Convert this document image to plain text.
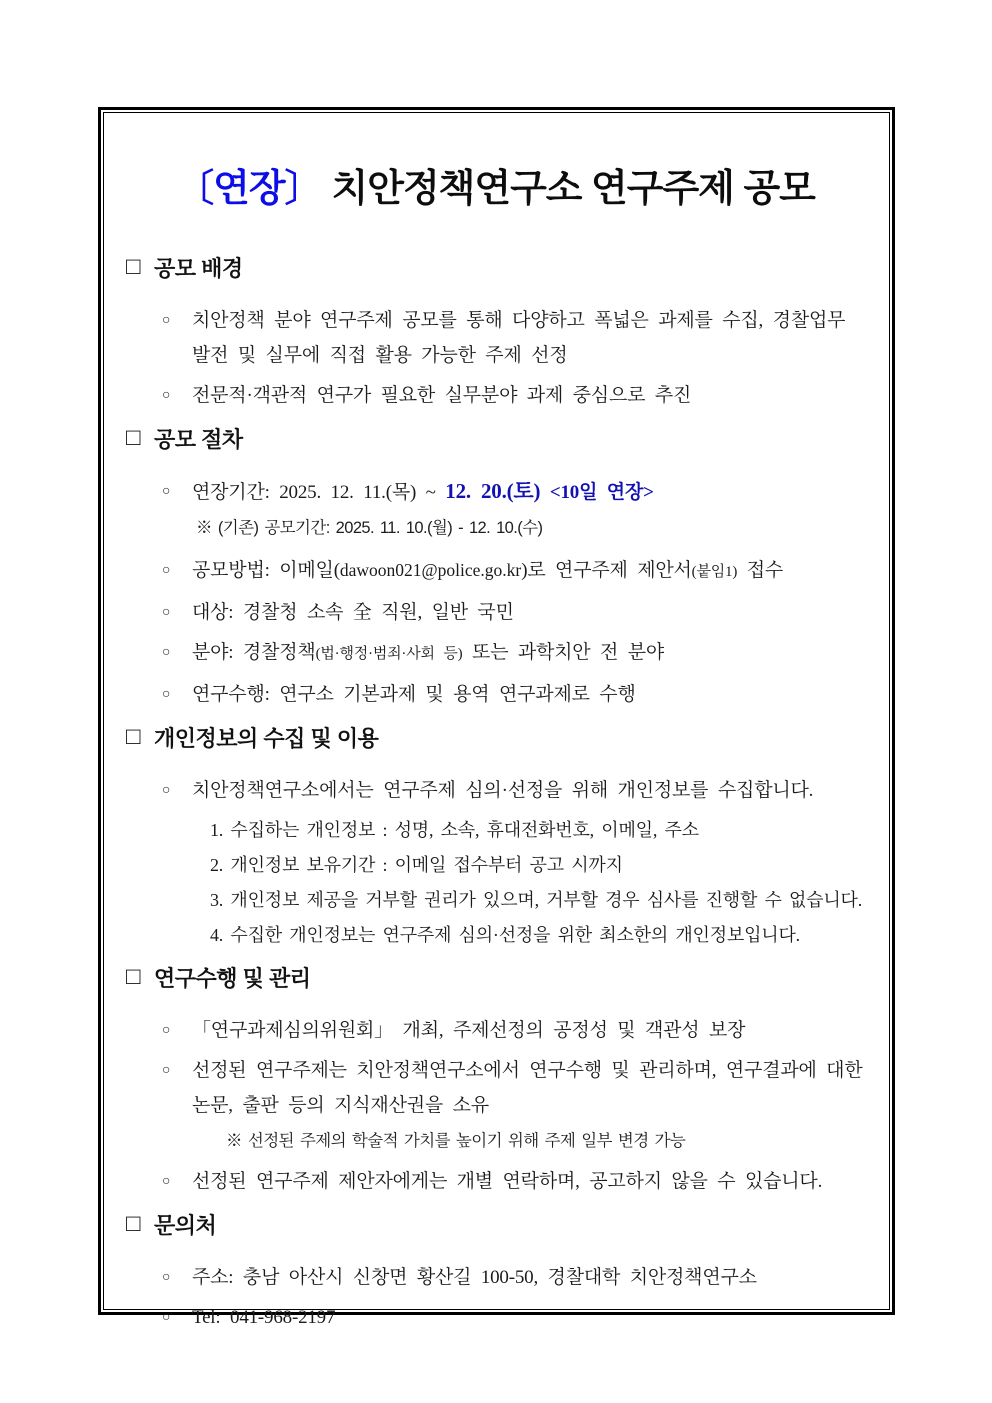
〔연장〕 치안정책연구소 연구주제 공모
□ 공모 배경
○ 치안정책 분야 연구주제 공모를 통해 다양하고 폭넓은 과제를 수집, 경찰업무 발전 및 실무에 직접 활용 가능한 주제 선정
○ 전문적·객관적 연구가 필요한 실무분야 과제 중심으로 추진
□ 공모 절차
○ 연장기간: 2025. 12. 11.(목) ~ 12. 20.(토) <10일 연장>
※ (기존) 공모기간: 2025. 11. 10.(월) - 12. 10.(수)
○ 공모방법: 이메일(dawoon021@police.go.kr)로 연구주제 제안서(붙임1) 접수
○ 대상: 경찰청 소속 全 직원, 일반 국민
○ 분야: 경찰정책(법·행정·범죄·사회 등) 또는 과학치안 전 분야
○ 연구수행: 연구소 기본과제 및 용역 연구과제로 수행
□ 개인정보의 수집 및 이용
○ 치안정책연구소에서는 연구주제 심의·선정을 위해 개인정보를 수집합니다.
1. 수집하는 개인정보 : 성명, 소속, 휴대전화번호, 이메일, 주소
2. 개인정보 보유기간 : 이메일 접수부터 공고 시까지
3. 개인정보 제공을 거부할 권리가 있으며, 거부할 경우 심사를 진행할 수 없습니다.
4. 수집한 개인정보는 연구주제 심의·선정을 위한 최소한의 개인정보입니다.
□ 연구수행 및 관리
○ 「연구과제심의위원회」 개최, 주제선정의 공정성 및 객관성 보장
○ 선정된 연구주제는 치안정책연구소에서 연구수행 및 관리하며, 연구결과에 대한 논문, 출판 등의 지식재산권을 소유
※ 선정된 주제의 학술적 가치를 높이기 위해 주제 일부 변경 가능
○ 선정된 연구주제 제안자에게는 개별 연락하며, 공고하지 않을 수 있습니다.
□ 문의처
○ 주소: 충남 아산시 신창면 황산길 100-50, 경찰대학 치안정책연구소
○ Tel: 041-968-2197
